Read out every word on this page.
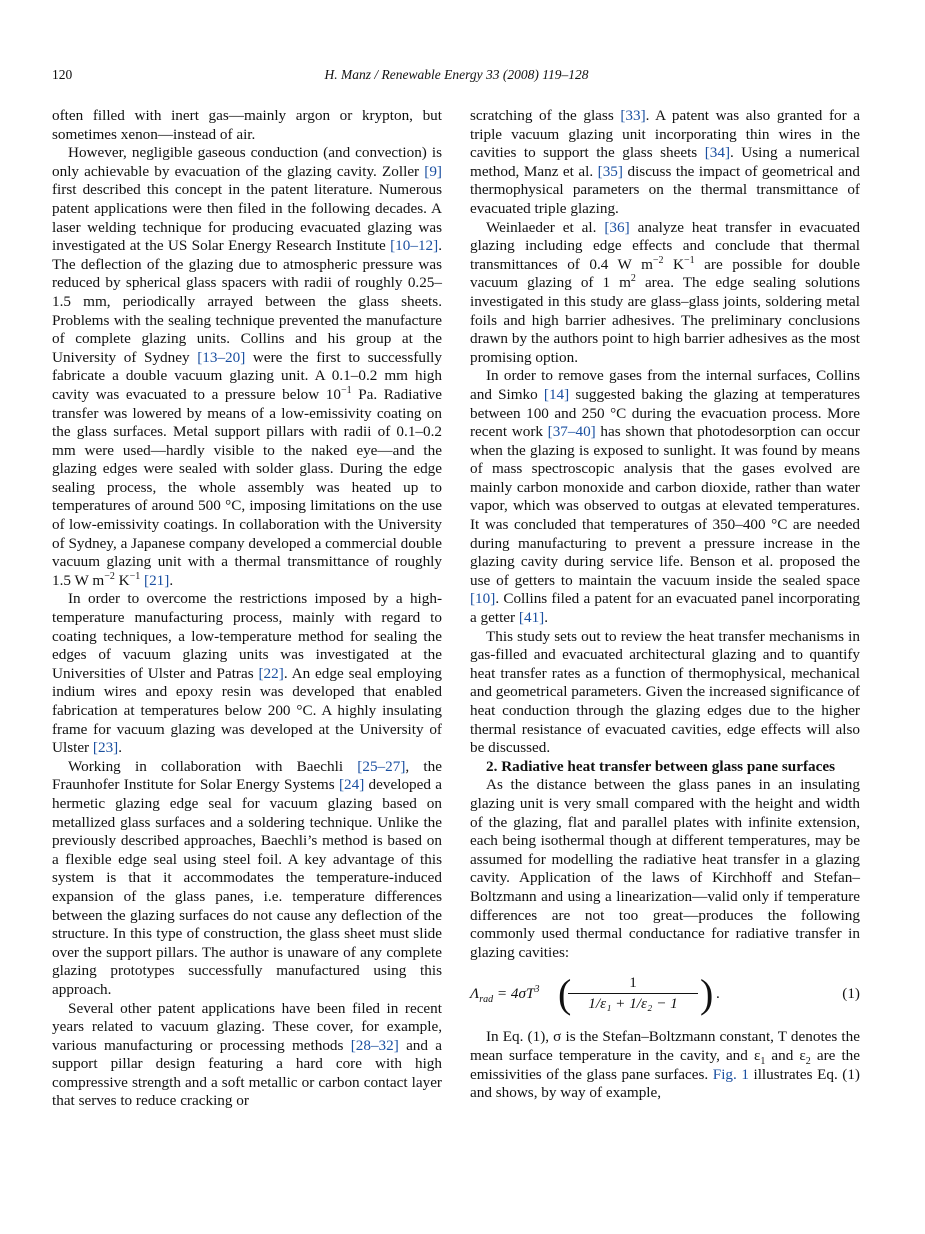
120	H. Manz / Renewable Energy 33 (2008) 119–128

often filled with inert gas—mainly argon or krypton, but sometimes xenon—instead of air.

However, negligible gaseous conduction (and convection) is only achievable by evacuation of the glazing cavity. Zoller [9] first described this concept in the patent literature. Numerous patent applications were then filed in the following decades. A laser welding technique for producing evacuated glazing was investigated at the US Solar Energy Research Institute [10–12]. The deflection of the glazing due to atmospheric pressure was reduced by spherical glass spacers with radii of roughly 0.25–1.5 mm, periodically arrayed between the glass sheets. Problems with the sealing technique prevented the manufacture of complete glazing units. Collins and his group at the University of Sydney [13–20] were the first to successfully fabricate a double vacuum glazing unit. A 0.1–0.2 mm high cavity was evacuated to a pressure below $10^{-1}$ Pa. Radiative transfer was lowered by means of a low-emissivity coating on the glass surfaces. Metal support pillars with radii of 0.1–0.2 mm were used—hardly visible to the naked eye—and the glazing edges were sealed with solder glass. During the edge sealing process, the whole assembly was heated up to temperatures of around 500 °C, imposing limitations on the use of low-emissivity coatings. In collaboration with the University of Sydney, a Japanese company developed a commercial double vacuum glazing unit with a thermal transmittance of roughly 1.5 W $m^{-2}$ $K^{-1}$ [21].

In order to overcome the restrictions imposed by a high-temperature manufacturing process, mainly with regard to coating techniques, a low-temperature method for sealing the edges of vacuum glazing units was investigated at the Universities of Ulster and Patras [22]. An edge seal employing indium wires and epoxy resin was developed that enabled fabrication at temperatures below 200 °C. A highly insulating frame for vacuum glazing was developed at the University of Ulster [23].

Working in collaboration with Baechli [25–27], the Fraunhofer Institute for Solar Energy Systems [24] developed a hermetic glazing edge seal for vacuum glazing based on metallized glass surfaces and a soldering technique. Unlike the previously described approaches, Baechli’s method is based on a flexible edge seal using steel foil. A key advantage of this system is that it accommodates the temperature-induced expansion of the glass panes, i.e. temperature differences between the glazing surfaces do not cause any deflection of the structure. In this type of construction, the glass sheet must slide over the support pillars. The author is unaware of any complete glazing prototypes successfully manufactured using this approach.

Several other patent applications have been filed in recent years related to vacuum glazing. These cover, for example, various manufacturing or processing methods [28–32] and a support pillar design featuring a hard core with high compressive strength and a soft metallic or carbon contact layer that serves to reduce cracking or

scratching of the glass [33]. A patent was also granted for a triple vacuum glazing unit incorporating thin wires in the cavities to support the glass sheets [34]. Using a numerical method, Manz et al. [35] discuss the impact of geometrical and thermophysical parameters on the thermal transmittance of evacuated triple glazing.

Weinlaeder et al. [36] analyze heat transfer in evacuated glazing including edge effects and conclude that thermal transmittances of 0.4 W $m^{-2}$ $K^{-1}$ are possible for double vacuum glazing of 1 $m^2$ area. The edge sealing solutions investigated in this study are glass–glass joints, soldering metal foils and high barrier adhesives. The preliminary conclusions drawn by the authors point to high barrier adhesives as the most promising option.

In order to remove gases from the internal surfaces, Collins and Simko [14] suggested baking the glazing at temperatures between 100 and 250 °C during the evacuation process. More recent work [37–40] has shown that photodesorption can occur when the glazing is exposed to sunlight. It was found by means of mass spectroscopic analysis that the gases evolved are mainly carbon monoxide and carbon dioxide, rather than water vapor, which was observed to outgas at elevated temperatures. It was concluded that temperatures of 350–400 °C are needed during manufacturing to prevent a pressure increase in the glazing cavity during service life. Benson et al. proposed the use of getters to maintain the vacuum inside the sealed space [10]. Collins filed a patent for an evacuated panel incorporating a getter [41].

This study sets out to review the heat transfer mechanisms in gas-filled and evacuated architectural glazing and to quantify heat transfer rates as a function of thermophysical, mechanical and geometrical parameters. Given the increased significance of heat conduction through the glazing edges due to the higher thermal resistance of evacuated cavities, edge effects will also be discussed.

2. Radiative heat transfer between glass pane surfaces

As the distance between the glass panes in an insulating glazing unit is very small compared with the height and width of the glazing, flat and parallel plates with infinite extension, each being isothermal though at different temperatures, may be assumed for modelling the radiative heat transfer in a glazing cavity. Application of the laws of Kirchhoff and Stefan–Boltzmann and using a linearization—valid only if temperature differences are not too great—produces the following commonly used thermal conductance for radiative transfer in glazing cavities:

$\Lambda_{rad} = 4\sigma T^3$ (
$\frac{1}{\text{1/ε₁ + 1/ε₂ − 1}}$ ) .	(1)

In Eq. (1), σ is the Stefan–Boltzmann constant, T denotes the mean surface temperature in the cavity, and $\varepsilon_1$ and $\varepsilon_2$ are the emissivities of the glass pane surfaces. Fig. 1 illustrates Eq. (1) and shows, by way of example,
